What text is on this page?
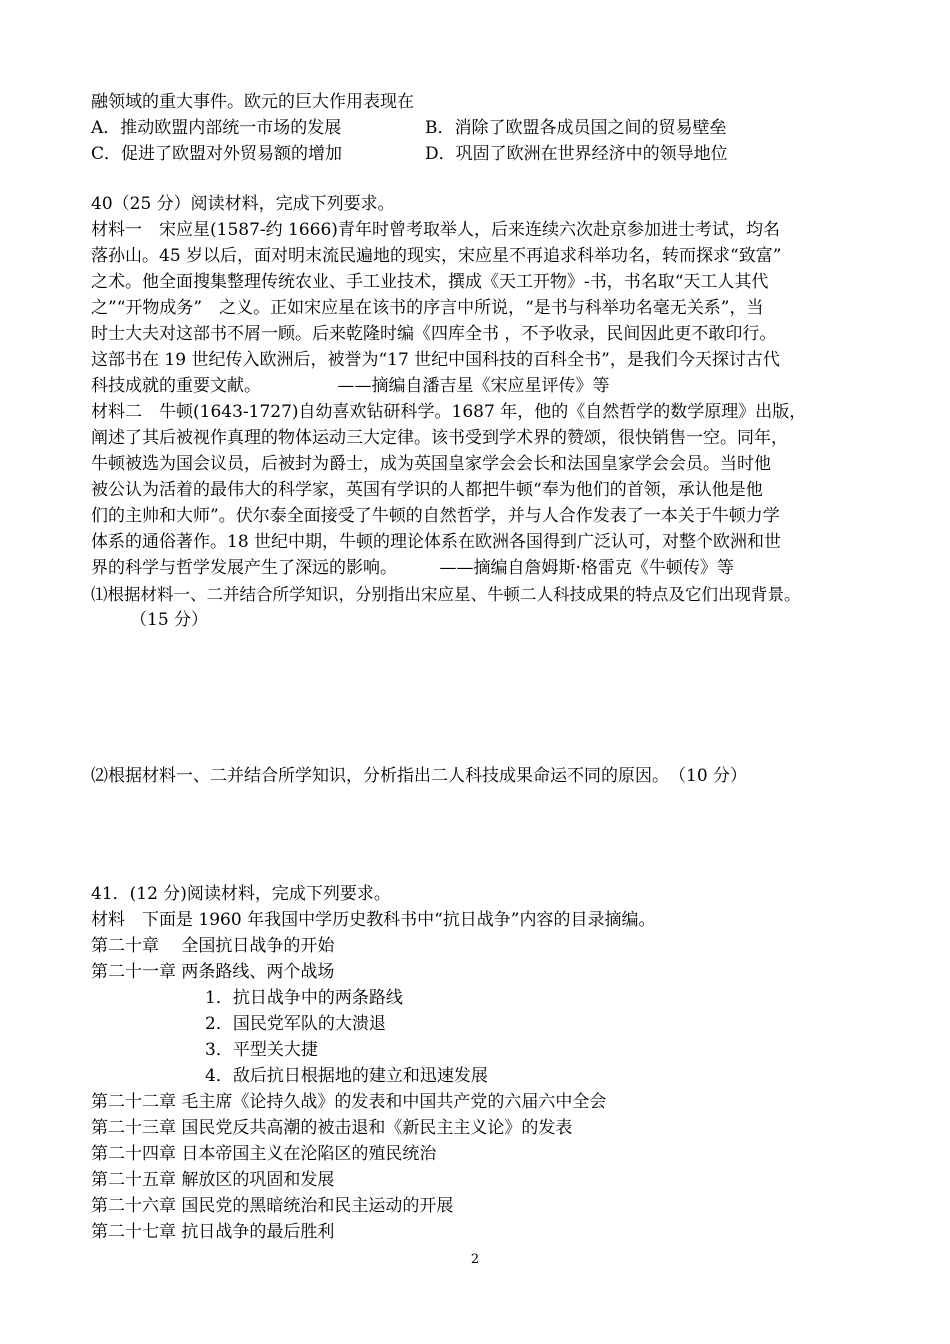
融领域的重大事件。欧元的巨大作用表现在
A．推动欧盟内部统一市场的发展	B．消除了欧盟各成员国之间的贸易壁垒
C．促进了欧盟对外贸易额的增加	D．巩固了欧洲在世界经济中的领导地位
40（25 分）阅读材料，完成下列要求。
材料一　宋应星(1587-约 1666)青年时曾考取举人，后来连续六次赴京参加进士考试，均名
落孙山。45 岁以后，面对明末流民遍地的现实，宋应星不再追求科举功名，转而探求“致富”
之术。他全面搜集整理传统农业、手工业技术，撰成《天工开物》-书，书名取“天工人其代
之”“开物成务”　之义。正如宋应星在该书的序言中所说，“是书与科举功名毫无关系”，当
时士大夫对这部书不屑一顾。后来乾隆时编《四库全书 ，不予收录，民间因此更不敢印行。
这部书在 19 世纪传入欧洲后，被誉为“17 世纪中国科技的百科全书”，是我们今天探讨古代
科技成就的重要文献。　　　　　——摘编自潘吉星《宋应星评传》等
材料二　牛顿(1643-1727)自幼喜欢钻研科学。1687 年，他的《自然哲学的数学原理》出版，
阐述了其后被视作真理的物体运动三大定律。该书受到学术界的赞颂，很快销售一空。同年，
牛顿被选为国会议员，后被封为爵士，成为英国皇家学会会长和法国皇家学会会员。当时他
被公认为活着的最伟大的科学家，英国有学识的人都把牛顿“奉为他们的首领，承认他是他
们的主帅和大师”。伏尔泰全面接受了牛顿的自然哲学，并与人合作发表了一本关于牛顿力学
体系的通俗著作。18 世纪中期，牛顿的理论体系在欧洲各国得到广泛认可，对整个欧洲和世
界的科学与哲学发展产生了深远的影响。　　　——摘编自詹姆斯·格雷克《牛顿传》等
⑴根据材料一、二并结合所学知识，分别指出宋应星、牛顿二人科技成果的特点及它们出现背景。
（15 分）
⑵根据材料一、二并结合所学知识，分析指出二人科技成果命运不同的原因。　（10 分）
41．(12 分)阅读材料，完成下列要求。
材料　下面是 1960 年我国中学历史教科书中“抗日战争”内容的目录摘编。
第二十章　 全国抗日战争的开始
第二十一章 两条路线、两个战场
1．抗日战争中的两条路线
2．国民党军队的大溃退
3．平型关大捷
4．敌后抗日根据地的建立和迅速发展
第二十二章 毛主席《论持久战》的发表和中国共产党的六届六中全会
第二十三章 国民党反共高潮的被击退和《新民主主义论》的发表
第二十四章 日本帝国主义在沦陷区的殖民统治
第二十五章 解放区的巩固和发展
第二十六章 国民党的黑暗统治和民主运动的开展
第二十七章 抗日战争的最后胜利
2
